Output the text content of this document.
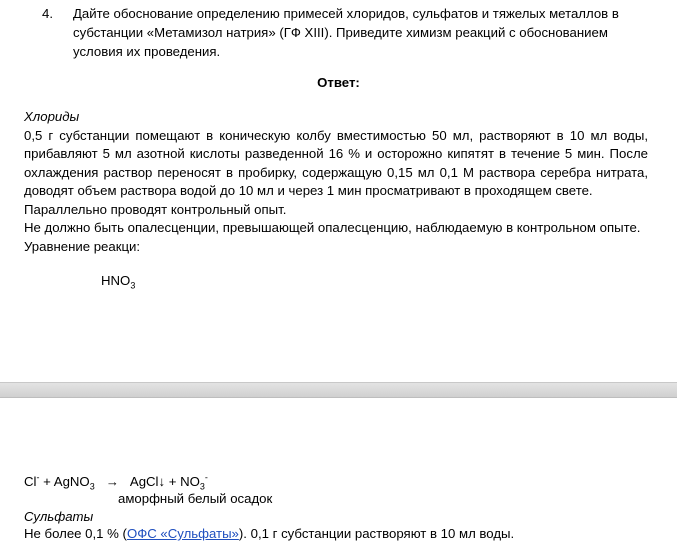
4. Дайте обоснование определению примесей хлоридов, сульфатов и тяжелых металлов в
субстанции «Метамизол натрия» (ГФ XIII). Приведите химизм реакций с обоснованием
условия их проведения.
Ответ:

Хлориды

0,5 г субстанции помещают в коническую колбу вместимостью 50 мл, растворяют в 10 мл воды, прибавляют 5 мл азотной кислоты разведенной 16 % и осторожно кипятят в течение 5 мин. После охлаждения раствор переносят в пробирку, содержащую 0,15 мл 0,1 М раствора серебра нитрата, доводят объем раствора водой до 10 мл и через 1 мин просматривают в проходящем свете.

Параллельно проводят контрольный опыт.

Не должно быть опалесценции, превышающей опалесценцию, наблюдаемую в контрольном опыте.

Уравнение реакци:

$HNO_3$
Cl- + AgNO$_3$ → AgCl↓ + $NO_3^-$
аморфный белый осадок
Сульфаты
Не более 0,1 % (ОФС «Сульфаты»). 0,1 г субстанции растворяют в 10 мл воды.
